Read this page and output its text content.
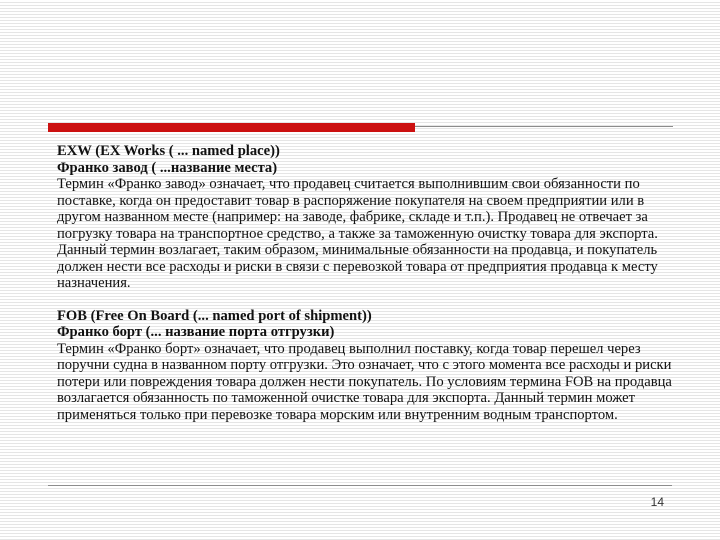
EXW (EX Works ( ... named place))

Франко завод ( ...название места)

Термин «Франко завод» означает, что продавец считается выполнившим свои обязанности по поставке, когда он предоставит товар в распоряжение покупателя на своем предприятии или в другом названном месте (например: на заводе, фабрике, складе и т.п.). Продавец не отвечает за погрузку товара на транспортное средство, а также за таможенную очистку товара для экспорта. Данный термин возлагает, таким образом, минимальные обязанности на продавца, и покупатель должен нести все расходы и риски в связи с перевозкой товара от предприятия продавца к месту назначения.

FOB (Free On Board (... named port of shipment))

Франко борт (... название порта отгрузки)

Термин «Франко борт» означает, что продавец выполнил поставку, когда товар перешел через поручни судна в названном порту отгрузки. Это означает, что с этого момента все расходы и риски потери или повреждения товара должен нести покупатель. По условиям термина FOB на продавца возлагается обязанность по таможенной очистке товара для экспорта. Данный термин может применяться только при перевозке товара морским или внутренним водным транспортом.

14
